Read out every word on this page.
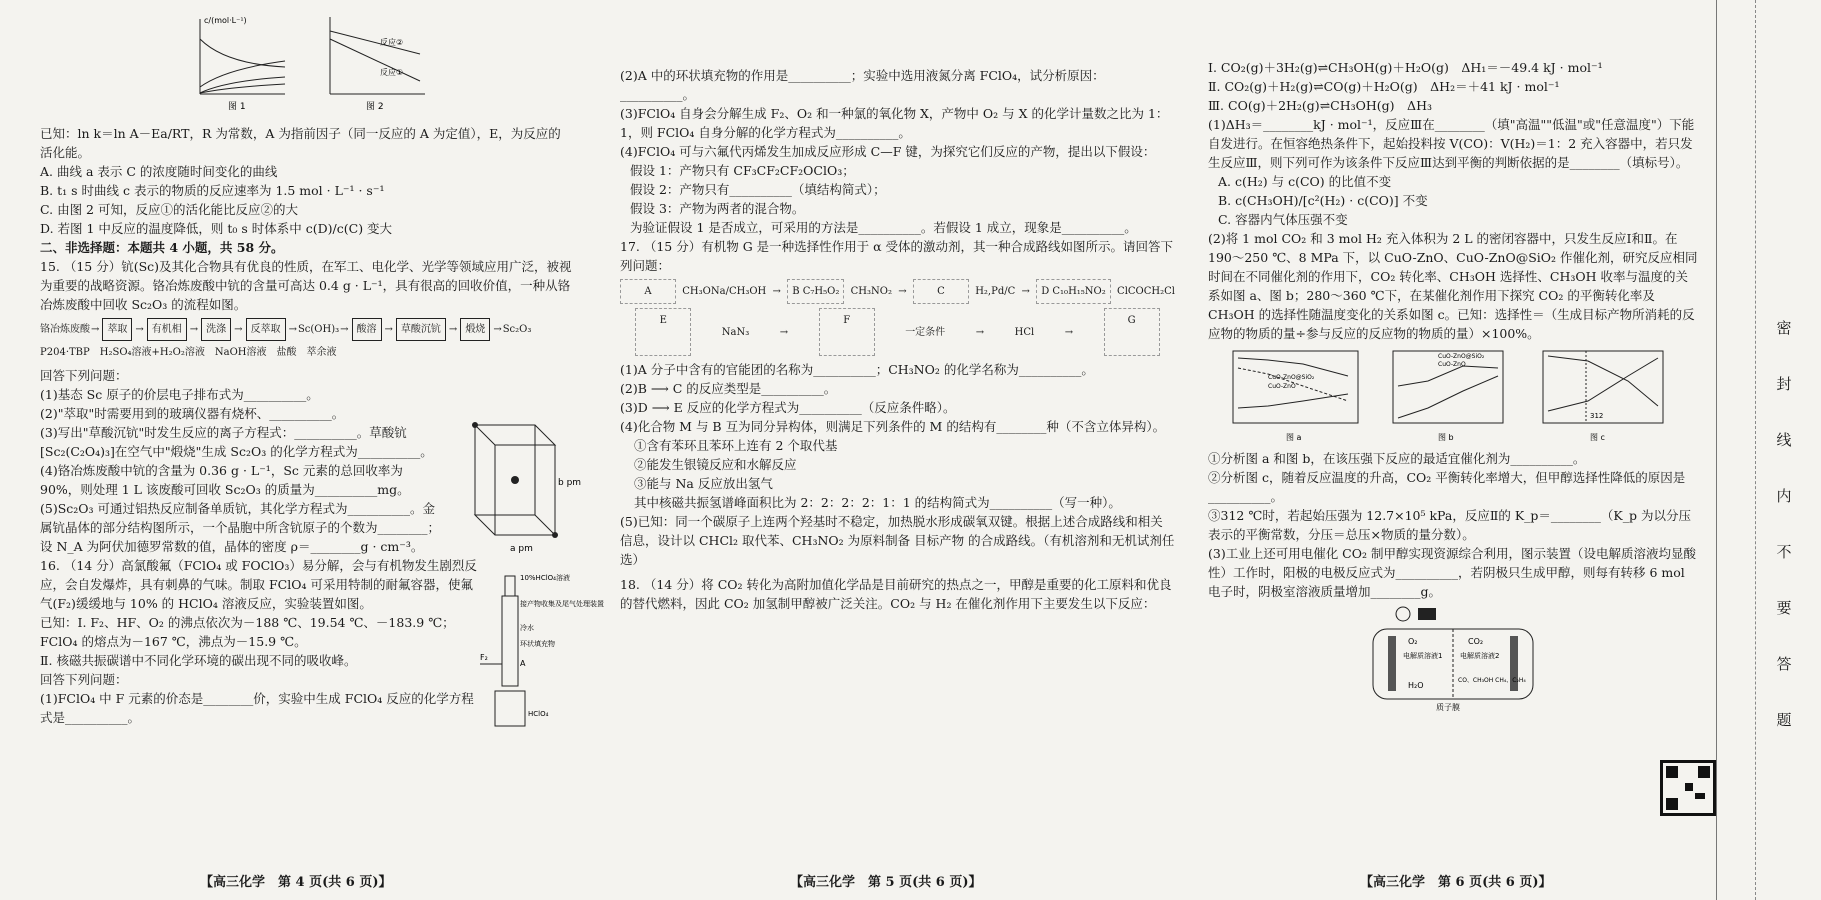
c/(mol·L⁻¹)
图 1
反应②
反应①
图 2

已知：ln k＝ln A－Ea/RT，R 为常数，A 为指前因子（同一反应的 A 为定值），E，为反应的活化能。

A. 曲线 a 表示 C 的浓度随时间变化的曲线

B. t₁ s 时曲线 c 表示的物质的反应速率为 1.5 mol · L⁻¹ · s⁻¹

C. 由图 2 可知，反应①的活化能比反应②的大

D. 若图 1 中反应的温度降低，则 t₀ s 时体系中 c(D)/c(C) 变大

二、非选择题：本题共 4 小题，共 58 分。

15. （15 分）钪(Sc)及其化合物具有优良的性质，在军工、电化学、光学等领域应用广泛，被视为重要的战略资源。铬冶炼废酸中钪的含量可高达 0.4 g · L⁻¹，具有很高的回收价值，一种从铬冶炼废酸中回收 Sc₂O₃ 的流程如图。

铬冶炼废酸 → 萃取 → 有机相 → 洗涤 → 反萃取 → Sc(OH)₃ → 酸溶 → 草酸沉钪 → 煅烧 → Sc₂O₃
P204·TBP H₂SO₄溶液+H₂O₂溶液 NaOH溶液 盐酸 萃余液

回答下列问题：

(1)基态 Sc 原子的价层电子排布式为__________。

(2)"萃取"时需要用到的玻璃仪器有烧杯、__________。

(3)写出"草酸沉钪"时发生反应的离子方程式：__________。草酸钪[Sc₂(C₂O₄)₃]在空气中"煅烧"生成 Sc₂O₃ 的化学方程式为__________。

(4)铬冶炼废酸中钪的含量为 0.36 g · L⁻¹，Sc 元素的总回收率为 90%，则处理 1 L 该废酸可回收 Sc₂O₃ 的质量为__________mg。

(5)Sc₂O₃ 可通过铝热反应制备单质钪，其化学方程式为__________。金属钪晶体的部分结构图所示，一个晶胞中所含钪原子的个数为________；设 N_A 为阿伏加德罗常数的值，晶体的密度 ρ＝________g · cm⁻³。

b pm
a pm

16. （14 分）高氯酸氟（FClO₄ 或 FOClO₃）易分解，会与有机物发生剧烈反应，会自发爆炸，具有刺鼻的气味。制取 FClO₄ 可采用特制的耐氟容器，使氟气(F₂)缓缓地与 10% 的 HClO₄ 溶液反应，实验装置如图。

已知：Ⅰ. F₂、HF、O₂ 的沸点依次为－188 ℃、19.54 ℃、－183.9 ℃；FClO₄ 的熔点为－167 ℃，沸点为－15.9 ℃。

Ⅱ. 核磁共振碳谱中不同化学环境的碳出现不同的吸收峰。

回答下列问题：

(1)FClO₄ 中 F 元素的价态是________价，实验中生成 FClO₄ 反应的化学方程式是__________。

10%HClO₄溶液
接产物收集及尾气处理装置
冷水
环状填充物
A
F₂
HClO₄
【高三化学　第 4 页(共 6 页)】

(2)A 中的环状填充物的作用是__________；实验中选用液氮分离 FClO₄，试分析原因：__________。

(3)FClO₄ 自身会分解生成 F₂、O₂ 和一种氯的氧化物 X，产物中 O₂ 与 X 的化学计量数之比为 1：1，则 FClO₄ 自身分解的化学方程式为__________。

(4)FClO₄ 可与六氟代丙烯发生加成反应形成 C—F 键，为探究它们反应的产物，提出以下假设：

假设 1：产物只有 CF₃CF₂CF₂OClO₃；

假设 2：产物只有__________（填结构简式）；

假设 3：产物为两者的混合物。

为验证假设 1 是否成立，可采用的方法是__________。若假设 1 成立，现象是__________。

17. （15 分）有机物 G 是一种选择性作用于 α 受体的激动剂，其一种合成路线如图所示。请回答下列问题：

A	CH₃ONa/CH₃OH →	B C₇H₅O₂	CH₃NO₂ →	C	H₂,Pd/C →	D C₁₀H₁₅NO₂	ClCOCH₂Cl
E
NaN₃	→
F
一定条件	→	HCl	→
G

(1)A 分子中含有的官能团的名称为__________；CH₃NO₂ 的化学名称为__________。

(2)B ⟶ C 的反应类型是__________。

(3)D ⟶ E 反应的化学方程式为__________（反应条件略）。

(4)化合物 M 与 B 互为同分异构体，则满足下列条件的 M 的结构有________种（不含立体异构）。

①含有苯环且苯环上连有 2 个取代基

②能发生银镜反应和水解反应

③能与 Na 反应放出氢气

其中核磁共振氢谱峰面积比为 2：2：2：2：1：1 的结构简式为__________（写一种）。

(5)已知：同一个碳原子上连两个羟基时不稳定，加热脱水形成碳氧双键。根据上述合成路线和相关信息，设计以 CHCl₂ 取代苯、CH₃NO₂ 为原料制备 目标产物 的合成路线。（有机溶剂和无机试剂任选）

18. （14 分）将 CO₂ 转化为高附加值化学品是目前研究的热点之一，甲醇是重要的化工原料和优良的替代燃料，因此 CO₂ 加氢制甲醇被广泛关注。CO₂ 与 H₂ 在催化剂作用下主要发生以下反应：

【高三化学　第 5 页(共 6 页)】

Ⅰ. CO₂(g)＋3H₂(g)⇌CH₃OH(g)＋H₂O(g)　ΔH₁＝－49.4 kJ · mol⁻¹

Ⅱ. CO₂(g)＋H₂(g)⇌CO(g)＋H₂O(g)　ΔH₂＝＋41 kJ · mol⁻¹

Ⅲ. CO(g)＋2H₂(g)⇌CH₃OH(g)　ΔH₃

(1)ΔH₃＝________kJ · mol⁻¹，反应Ⅲ在________（填"高温""低温"或"任意温度"）下能自发进行。在恒容绝热条件下，起始投料按 V(CO)：V(H₂)＝1：2 充入容器中，若只发生反应Ⅲ，则下列可作为该条件下反应Ⅲ达到平衡的判断依据的是________（填标号）。

A. c(H₂) 与 c(CO) 的比值不变

B. c(CH₃OH)/[c²(H₂) · c(CO)] 不变

C. 容器内气体压强不变

(2)将 1 mol CO₂ 和 3 mol H₂ 充入体积为 2 L 的密闭容器中，只发生反应Ⅰ和Ⅱ。在 190～250 ℃、8 MPa 下，以 CuO-ZnO、CuO-ZnO@SiO₂ 作催化剂，研究反应相同时间在不同催化剂的作用下，CO₂ 转化率、CH₃OH 选择性、CH₃OH 收率与温度的关系如图 a、图 b；280～360 ℃下，在某催化剂作用下探究 CO₂ 的平衡转化率及 CH₃OH 的选择性随温度变化的关系如图 c。已知：选择性＝（生成目标产物所消耗的反应物的物质的量÷参与反应的反应物的物质的量）×100%。

CuO-ZnO@SiO₂
CuO-ZnO
图 a
CuO-ZnO@SiO₂
CuO-ZnO
图 b
312
图 c

①分析图 a 和图 b，在该压强下反应的最适宜催化剂为__________。

②分析图 c，随着反应温度的升高，CO₂ 平衡转化率增大，但甲醇选择性降低的原因是__________。

③312 ℃时，若起始压强为 12.7×10⁵ kPa，反应Ⅱ的 K_p＝________（K_p 为以分压表示的平衡常数，分压＝总压×物质的量分数）。

(3)工业上还可用电催化 CO₂ 制甲醇实现资源综合利用，图示装置（设电解质溶液均显酸性）工作时，阳极的电极反应式为__________，若阴极只生成甲醇，则每有转移 6 mol 电子时，阴极室溶液质量增加________g。

O₂
电解质溶液1
H₂O
CO₂
电解质溶液2
CO、CH₃OH CH₄、C₂H₄
质子膜
【高三化学　第 6 页(共 6 页)】
密
封
线
内
不
要
答
题
